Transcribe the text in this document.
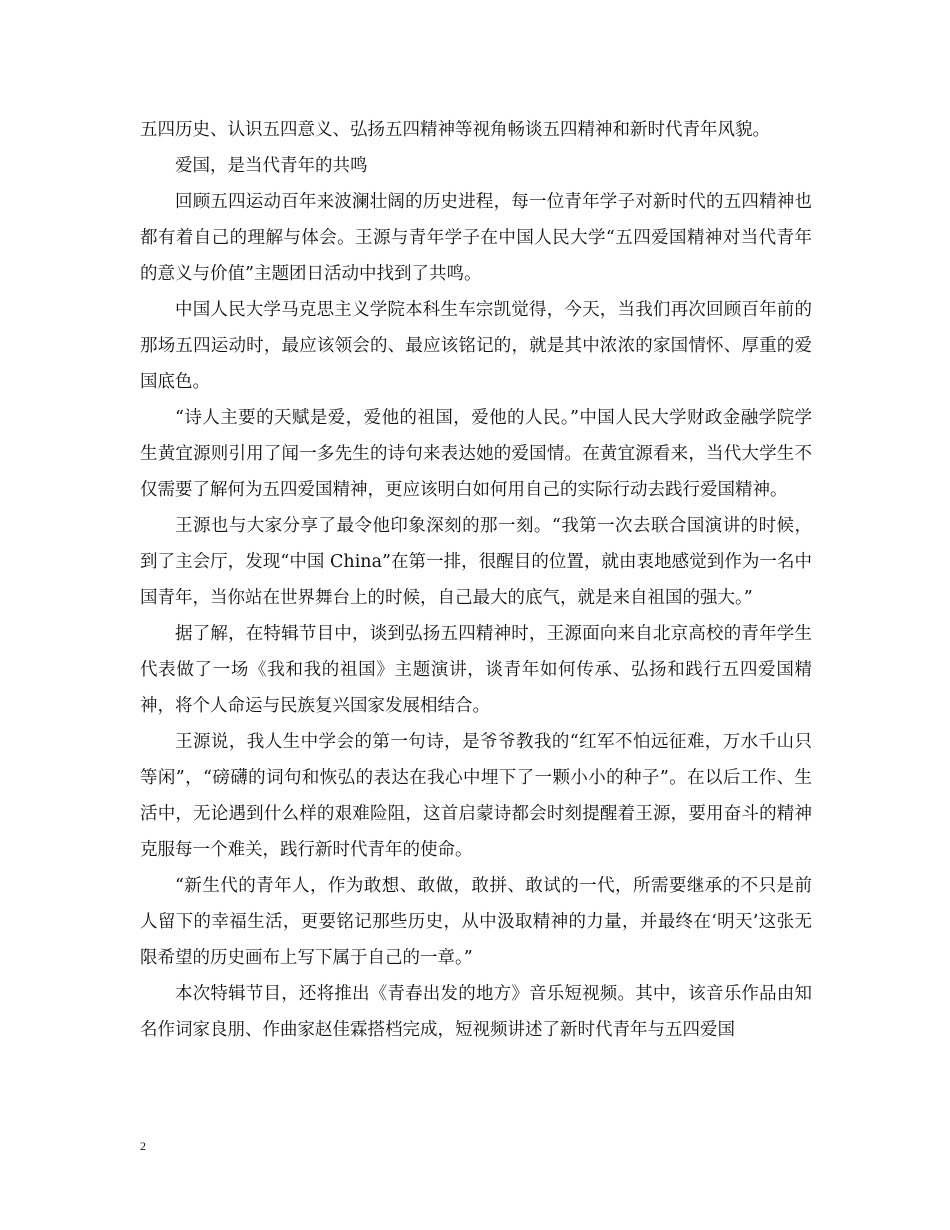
五四历史、认识五四意义、弘扬五四精神等视角畅谈五四精神和新时代青年风貌。

爱国，是当代青年的共鸣

回顾五四运动百年来波澜壮阔的历史进程，每一位青年学子对新时代的五四精神也都有着自己的理解与体会。王源与青年学子在中国人民大学“五四爱国精神对当代青年的意义与价值”主题团日活动中找到了共鸣。

中国人民大学马克思主义学院本科生车宗凯觉得，今天，当我们再次回顾百年前的那场五四运动时，最应该领会的、最应该铭记的，就是其中浓浓的家国情怀、厚重的爱国底色。

“诗人主要的天赋是爱，爱他的祖国，爱他的人民。”中国人民大学财政金融学院学生黄宜源则引用了闻一多先生的诗句来表达她的爱国情。在黄宜源看来，当代大学生不仅需要了解何为五四爱国精神，更应该明白如何用自己的实际行动去践行爱国精神。

王源也与大家分享了最令他印象深刻的那一刻。“我第一次去联合国演讲的时候，到了主会厅，发现“中国 China”在第一排，很醒目的位置，就由衷地感觉到作为一名中国青年，当你站在世界舞台上的时候，自己最大的底气，就是来自祖国的强大。”

据了解，在特辑节目中，谈到弘扬五四精神时，王源面向来自北京高校的青年学生代表做了一场《我和我的祖国》主题演讲，谈青年如何传承、弘扬和践行五四爱国精神，将个人命运与民族复兴国家发展相结合。

王源说，我人生中学会的第一句诗，是爷爷教我的“红军不怕远征难，万水千山只等闲”，“磅礴的词句和恢弘的表达在我心中埋下了一颗小小的种子”。在以后工作、生活中，无论遇到什么样的艰难险阻，这首启蒙诗都会时刻提醒着王源，要用奋斗的精神克服每一个难关，践行新时代青年的使命。

“新生代的青年人，作为敢想、敢做，敢拼、敢试的一代，所需要继承的不只是前人留下的幸福生活，更要铭记那些历史，从中汲取精神的力量，并最终在‘明天’这张无限希望的历史画布上写下属于自己的一章。”

本次特辑节目，还将推出《青春出发的地方》音乐短视频。其中，该音乐作品由知名作词家良朋、作曲家赵佳霖搭档完成，短视频讲述了新时代青年与五四爱国

2
